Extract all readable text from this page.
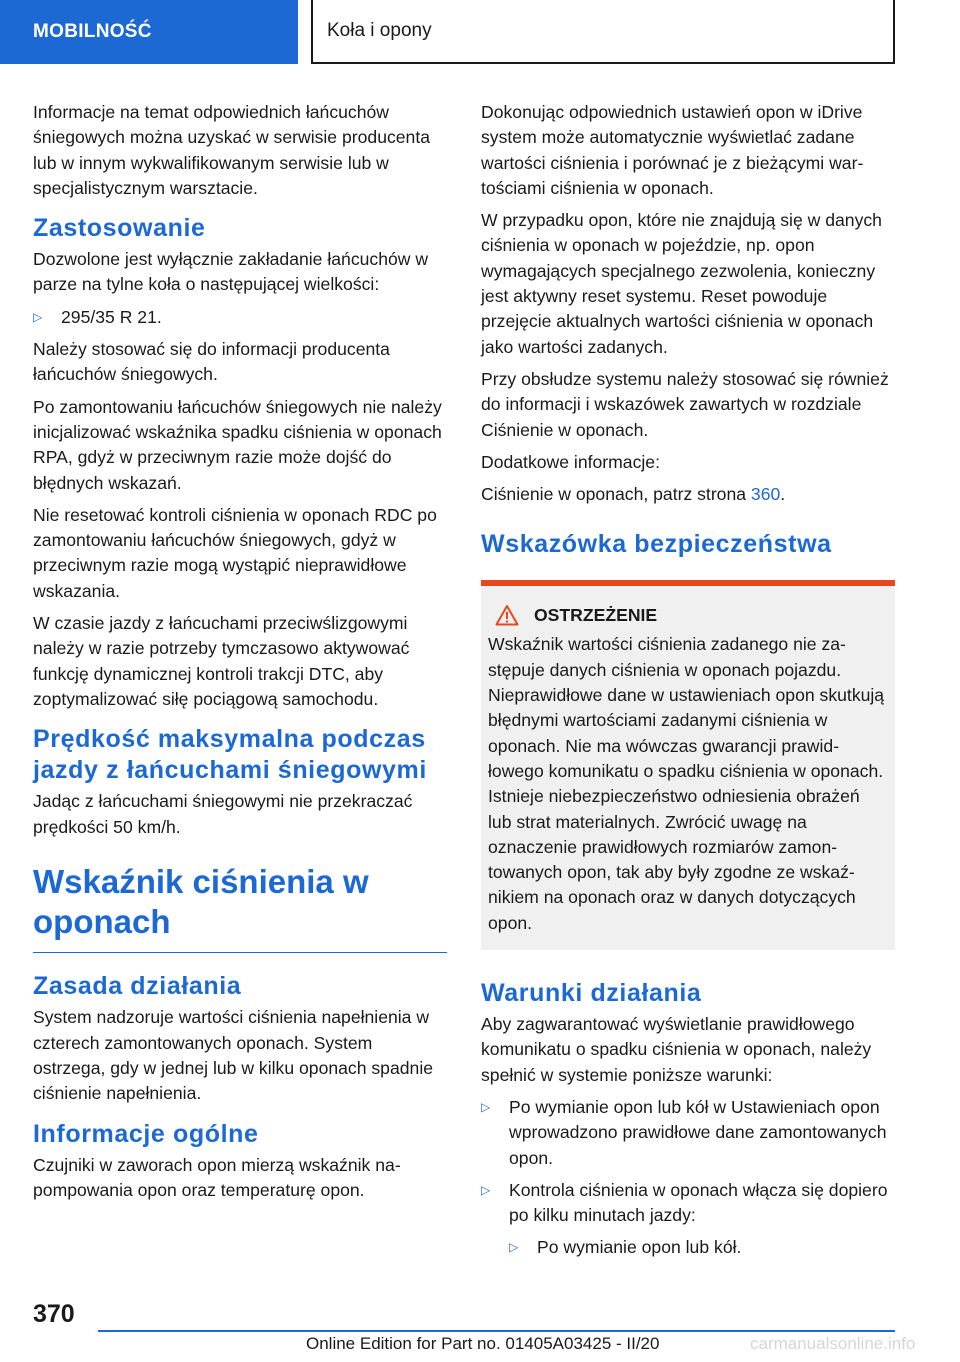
MOBILNOŚĆ	Koła i opony

Informacje na temat odpowiednich łańcuchów śniegowych można uzyskać w serwisie producenta lub w innym wykwalifikowanym serwisie lub w specjalistycznym warsztacie.

Zastosowanie

Dozwolone jest wyłącznie zakładanie łańcuchów w parze na tylne koła o następującej wielkości:

▷	295/35 R 21.

Należy stosować się do informacji producenta łańcuchów śniegowych.

Po zamontowaniu łańcuchów śniegowych nie należy inicjalizować wskaźnika spadku ciśnienia w oponach RPA, gdyż w przeciwnym razie może dojść do błędnych wskazań.

Nie resetować kontroli ciśnienia w oponach RDC po zamontowaniu łańcuchów śniegowych, gdyż w przeciwnym razie mogą wystąpić nieprawidłowe wskazania.

W czasie jazdy z łańcuchami przeciwślizgowymi należy w razie potrzeby tymczasowo aktywować funkcję dynamicznej kontroli trakcji DTC, aby zoptymalizować siłę pociągową samochodu.

Prędkość maksymalna podczas jazdy z łańcuchami śniegowymi

Jadąc z łańcuchami śniegowymi nie przekraczać prędkości 50 km/h.

Wskaźnik ciśnienia w oponach
Zasada działania

System nadzoruje wartości ciśnienia napełnienia w czterech zamontowanych oponach. System ostrzega, gdy w jednej lub w kilku oponach spadnie ciśnienie napełnienia.

Informacje ogólne

Czujniki w zaworach opon mierzą wskaźnik napompowania opon oraz temperaturę opon.

Dokonując odpowiednich ustawień opon w iDrive system może automatycznie wyświetlać zadane wartości ciśnienia i porównać je z bieżącymi wartościami ciśnienia w oponach.

W przypadku opon, które nie znajdują się w danych ciśnienia w oponach w pojeździe, np. opon wymagających specjalnego zezwolenia, konieczny jest aktywny reset systemu. Reset powoduje przejęcie aktualnych wartości ciśnienia w oponach jako wartości zadanych.

Przy obsłudze systemu należy stosować się również do informacji i wskazówek zawartych w rozdziale Ciśnienie w oponach.

Dodatkowe informacje:

Ciśnienie w oponach, patrz strona 360.

Wskazówka bezpieczeństwa
OSTRZEŻENIE

Wskaźnik wartości ciśnienia zadanego nie zastępuje danych ciśnienia w oponach pojazdu. Nieprawidłowe dane w ustawieniach opon skutkują błędnymi wartościami zadanymi ciśnienia w oponach. Nie ma wówczas gwarancji prawidłowego komunikatu o spadku ciśnienia w oponach. Istnieje niebezpieczeństwo odniesienia obrażeń lub strat materialnych. Zwrócić uwagę na oznaczenie prawidłowych rozmiarów zamontowanych opon, tak aby były zgodne ze wskaźnikiem na oponach oraz w danych dotyczących opon.

Warunki działania

Aby zagwarantować wyświetlanie prawidłowego komunikatu o spadku ciśnienia w oponach, należy spełnić w systemie poniższe warunki:

▷	Po wymianie opon lub kół w Ustawieniach opon wprowadzono prawidłowe dane zamontowanych opon.
▷	Kontrola ciśnienia w oponach włącza się dopiero po kilku minutach jazdy:
▷	Po wymianie opon lub kół.
370
Online Edition for Part no. 01405A03425 - II/20	carmanualsonline.info
